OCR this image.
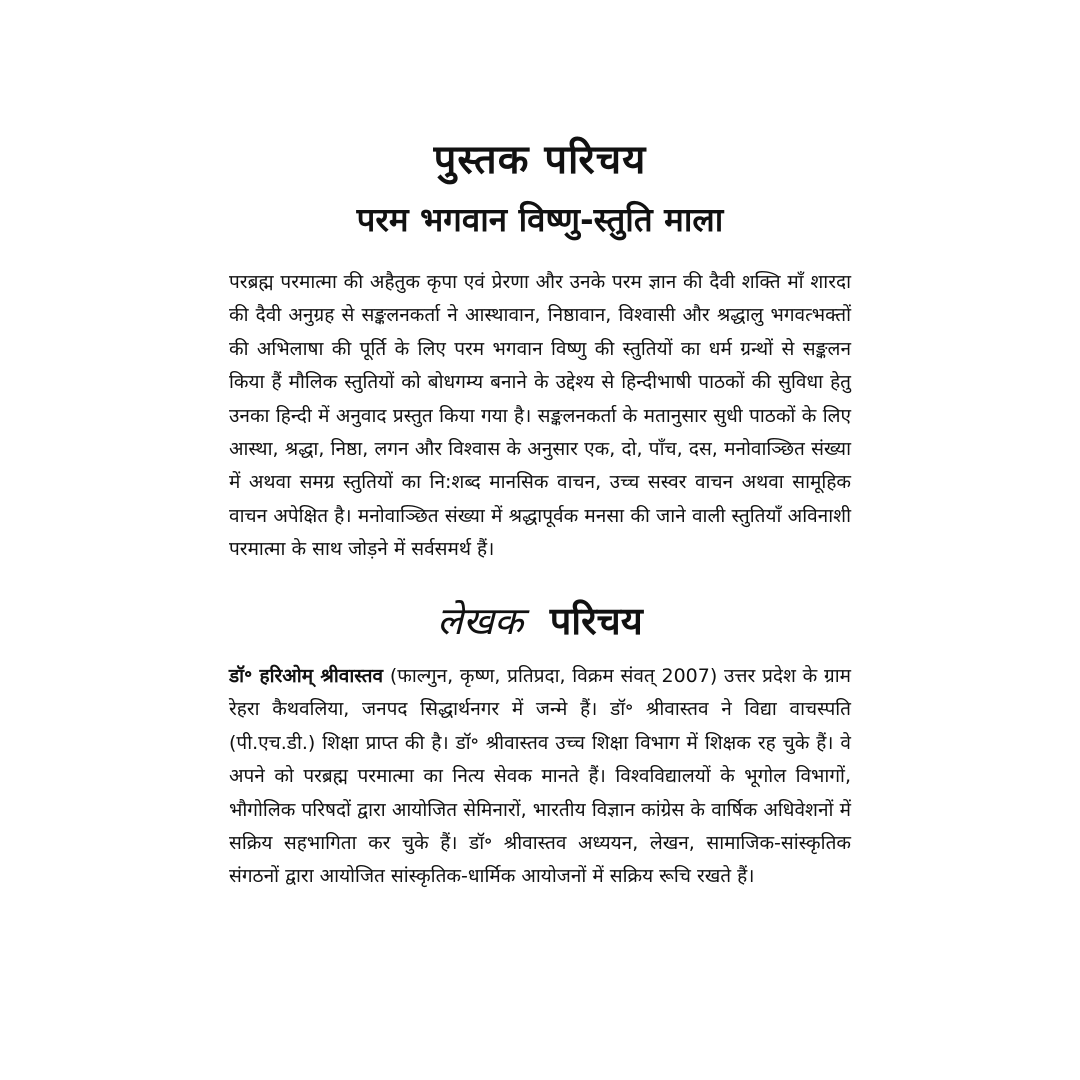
पुस्तक परिचय
परम भगवान विष्णु-स्तुति माला

परब्रह्म परमात्मा की अहैतुक कृपा एवं प्रेरणा और उनके परम ज्ञान की दैवी शक्ति माँ शारदा की दैवी अनुग्रह से सङ्कलनकर्ता ने आस्थावान, निष्ठावान, विश्वासी और श्रद्धालु भगवत्भक्तों की अभिलाषा की पूर्ति के लिए परम भगवान विष्णु की स्तुतियों का धर्म ग्रन्थों से सङ्कलन किया हैं मौलिक स्तुतियों को बोधगम्य बनाने के उद्देश्य से हिन्दीभाषी पाठकों की सुविधा हेतु उनका हिन्दी में अनुवाद प्रस्तुत किया गया है। सङ्कलनकर्ता के मतानुसार सुधी पाठकों के लिए आस्था, श्रद्धा, निष्ठा, लगन और विश्वास के अनुसार एक, दो, पाँच, दस, मनोवाञ्छित संख्या में अथवा समग्र स्तुतियों का नि:शब्द मानसिक वाचन, उच्च सस्वर वाचन अथवा सामूहिक वाचन अपेक्षित है। मनोवाञ्छित संख्या में श्रद्धापूर्वक मनसा की जाने वाली स्तुतियाँ अविनाशी परमात्मा के साथ जोड़ने में सर्वसमर्थ हैं।

लेखक परिचय

डॉ॰ हरिओम् श्रीवास्तव (फाल्गुन, कृष्ण, प्रतिप्रदा, विक्रम संवत् 2007) उत्तर प्रदेश के ग्राम रेहरा कैथवलिया, जनपद सिद्धार्थनगर में जन्मे हैं। डॉ॰ श्रीवास्तव ने विद्या वाचस्पति (पी.एच.डी.) शिक्षा प्राप्त की है। डॉ॰ श्रीवास्तव उच्च शिक्षा विभाग में शिक्षक रह चुके हैं। वे अपने को परब्रह्म परमात्मा का नित्य सेवक मानते हैं। विश्वविद्यालयों के भूगोल विभागों, भौगोलिक परिषदों द्वारा आयोजित सेमिनारों, भारतीय विज्ञान कांग्रेस के वार्षिक अधिवेशनों में सक्रिय सहभागिता कर चुके हैं। डॉ॰ श्रीवास्तव अध्ययन, लेखन, सामाजिक-सांस्कृतिक संगठनों द्वारा आयोजित सांस्कृतिक-धार्मिक आयोजनों में सक्रिय रूचि रखते हैं।
